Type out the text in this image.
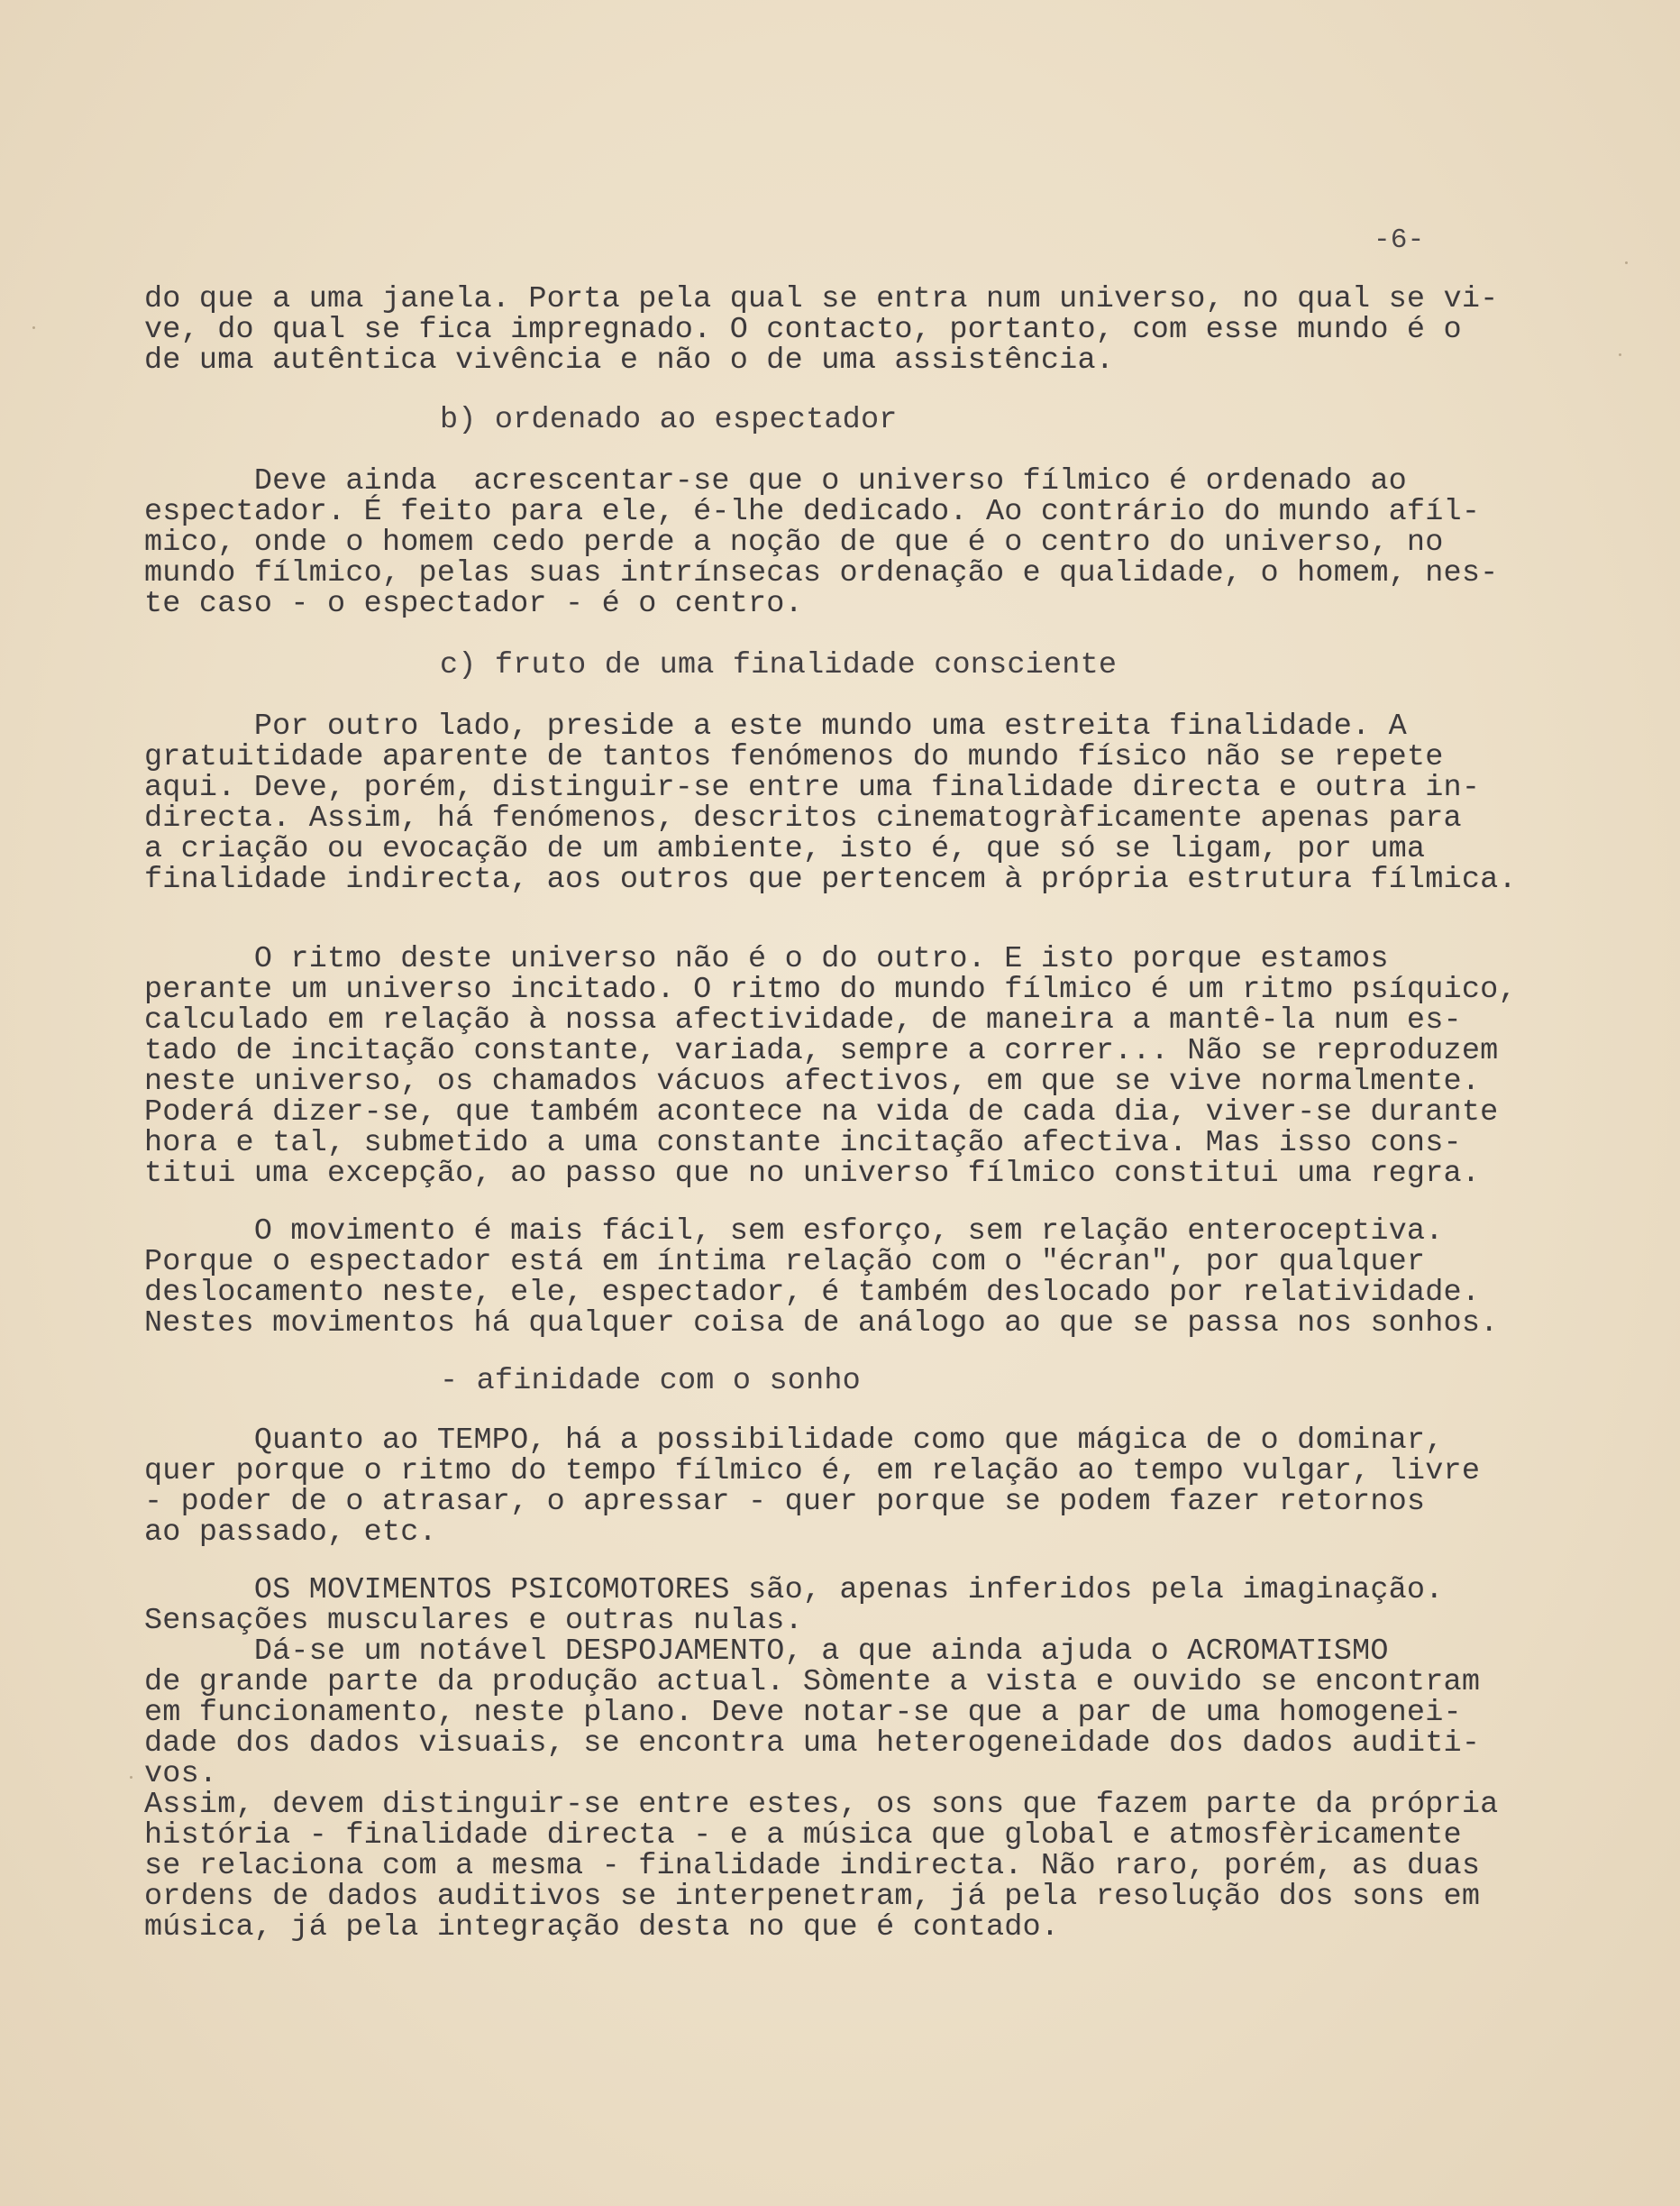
-6-

do que a uma janela. Porta pela qual se entra num universo, no qual se vi-

ve, do qual se fica impregnado. O contacto, portanto, com esse mundo é o

de uma autêntica vivência e não o de uma assistência.

b) ordenado ao espectador

Deve ainda  acrescentar-se que o universo fílmico é ordenado ao

espectador. É feito para ele, é-lhe dedicado. Ao contrário do mundo afíl-

mico, onde o homem cedo perde a noção de que é o centro do universo, no

mundo fílmico, pelas suas intrínsecas ordenação e qualidade, o homem, nes-

te caso - o espectador - é o centro.

c) fruto de uma finalidade consciente

Por outro lado, preside a este mundo uma estreita finalidade. A

gratuitidade aparente de tantos fenómenos do mundo físico não se repete

aqui. Deve, porém, distinguir-se entre uma finalidade directa e outra in-

directa. Assim, há fenómenos, descritos cinematogràficamente apenas para

a criação ou evocação de um ambiente, isto é, que só se ligam, por uma

finalidade indirecta, aos outros que pertencem à própria estrutura fílmica.

O ritmo deste universo não é o do outro. E isto porque estamos

perante um universo incitado. O ritmo do mundo fílmico é um ritmo psíquico,

calculado em relação à nossa afectividade, de maneira a mantê-la num es-

tado de incitação constante, variada, sempre a correr... Não se reproduzem

neste universo, os chamados vácuos afectivos, em que se vive normalmente.

Poderá dizer-se, que também acontece na vida de cada dia, viver-se durante

hora e tal, submetido a uma constante incitação afectiva. Mas isso cons-

titui uma excepção, ao passo que no universo fílmico constitui uma regra.

O movimento é mais fácil, sem esforço, sem relação enteroceptiva.

Porque o espectador está em íntima relação com o "écran", por qualquer

deslocamento neste, ele, espectador, é também deslocado por relatividade.

Nestes movimentos há qualquer coisa de análogo ao que se passa nos sonhos.

- afinidade com o sonho

Quanto ao TEMPO, há a possibilidade como que mágica de o dominar,

quer porque o ritmo do tempo fílmico é, em relação ao tempo vulgar, livre

- poder de o atrasar, o apressar - quer porque se podem fazer retornos

ao passado, etc.

OS MOVIMENTOS PSICOMOTORES são, apenas inferidos pela imaginação.

Sensações musculares e outras nulas.

Dá-se um notável DESPOJAMENTO, a que ainda ajuda o ACROMATISMO

de grande parte da produção actual. Sòmente a vista e ouvido se encontram

em funcionamento, neste plano. Deve notar-se que a par de uma homogenei-

dade dos dados visuais, se encontra uma heterogeneidade dos dados auditi-

vos.

Assim, devem distinguir-se entre estes, os sons que fazem parte da própria

história - finalidade directa - e a música que global e atmosfèricamente

se relaciona com a mesma - finalidade indirecta. Não raro, porém, as duas

ordens de dados auditivos se interpenetram, já pela resolução dos sons em

música, já pela integração desta no que é contado.
